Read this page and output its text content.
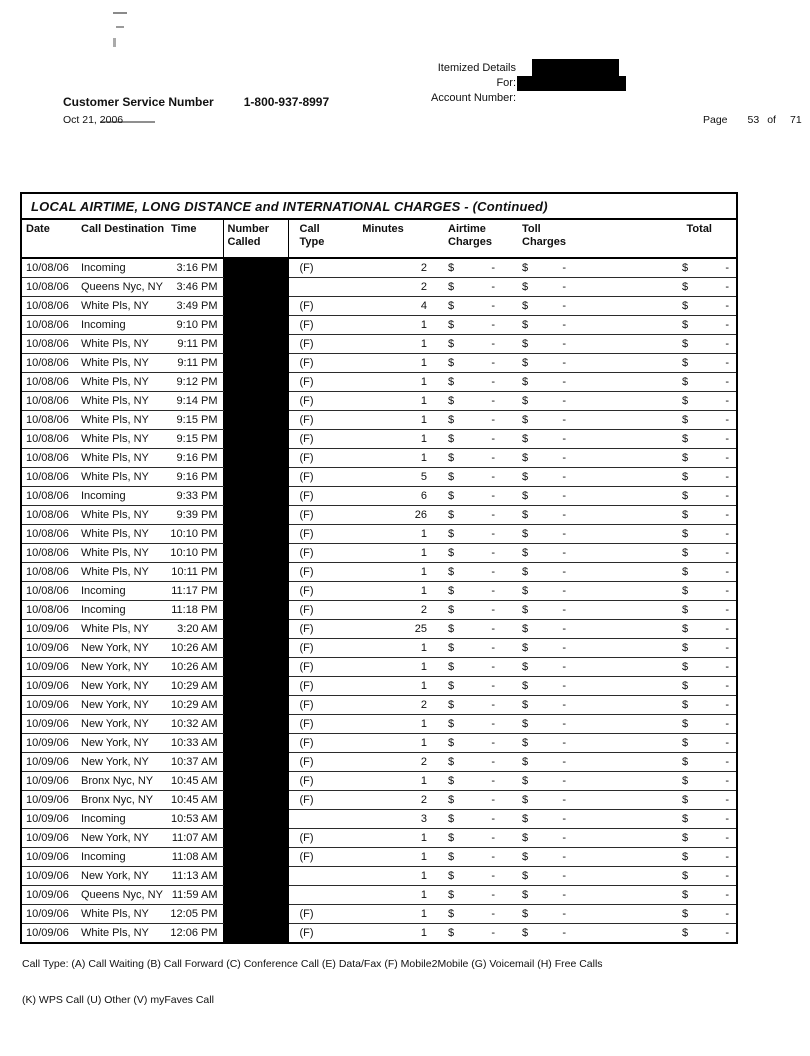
Itemized Details For:
Account Number:
Customer Service Number	1-800-937-8997
Oct 21, 2006	Page 53 of 71
LOCAL AIRTIME, LONG DISTANCE and INTERNATIONAL CHARGES - (Continued)
Date	Call Destination	Time	Number Called	Call Type	Minutes	Airtime Charges	Toll Charges	Total
10/08/06	Incoming	3:16 PM		(F)	2	$ -	$ -	$ -

10/08/06	Queens Nyc, NY	3:46 PM			2	$ -	$ -	$ -

10/08/06	White Pls, NY	3:49 PM		(F)	4	$ -	$ -	$ -

10/08/06	Incoming	9:10 PM		(F)	1	$ -	$ -	$ -

10/08/06	White Pls, NY	9:11 PM		(F)	1	$ -	$ -	$ -

10/08/06	White Pls, NY	9:11 PM		(F)	1	$ -	$ -	$ -

10/08/06	White Pls, NY	9:12 PM		(F)	1	$ -	$ -	$ -

10/08/06	White Pls, NY	9:14 PM		(F)	1	$ -	$ -	$ -

10/08/06	White Pls, NY	9:15 PM		(F)	1	$ -	$ -	$ -

10/08/06	White Pls, NY	9:15 PM		(F)	1	$ -	$ -	$ -

10/08/06	White Pls, NY	9:16 PM		(F)	1	$ -	$ -	$ -

10/08/06	White Pls, NY	9:16 PM		(F)	5	$ -	$ -	$ -

10/08/06	Incoming	9:33 PM		(F)	6	$ -	$ -	$ -

10/08/06	White Pls, NY	9:39 PM		(F)	26	$ -	$ -	$ -

10/08/06	White Pls, NY	10:10 PM		(F)	1	$ -	$ -	$ -

10/08/06	White Pls, NY	10:10 PM		(F)	1	$ -	$ -	$ -

10/08/06	White Pls, NY	10:11 PM		(F)	1	$ -	$ -	$ -

10/08/06	Incoming	11:17 PM		(F)	1	$ -	$ -	$ -

10/08/06	Incoming	11:18 PM		(F)	2	$ -	$ -	$ -

10/09/06	White Pls, NY	3:20 AM		(F)	25	$ -	$ -	$ -

10/09/06	New York, NY	10:26 AM		(F)	1	$ -	$ -	$ -

10/09/06	New York, NY	10:26 AM		(F)	1	$ -	$ -	$ -

10/09/06	New York, NY	10:29 AM		(F)	1	$ -	$ -	$ -

10/09/06	New York, NY	10:29 AM		(F)	2	$ -	$ -	$ -

10/09/06	New York, NY	10:32 AM		(F)	1	$ -	$ -	$ -

10/09/06	New York, NY	10:33 AM		(F)	1	$ -	$ -	$ -

10/09/06	New York, NY	10:37 AM		(F)	2	$ -	$ -	$ -

10/09/06	Bronx Nyc, NY	10:45 AM		(F)	1	$ -	$ -	$ -

10/09/06	Bronx Nyc, NY	10:45 AM		(F)	2	$ -	$ -	$ -

10/09/06	Incoming	10:53 AM			3	$ -	$ -	$ -

10/09/06	New York, NY	11:07 AM		(F)	1	$ -	$ -	$ -

10/09/06	Incoming	11:08 AM		(F)	1	$ -	$ -	$ -

10/09/06	New York, NY	11:13 AM			1	$ -	$ -	$ -

10/09/06	Queens Nyc, NY	11:59 AM			1	$ -	$ -	$ -

10/09/06	White Pls, NY	12:05 PM		(F)	1	$ -	$ -	$ -

10/09/06	White Pls, NY	12:06 PM		(F)	1	$ -	$ -	$ -
Call Type: (A) Call Waiting (B) Call Forward (C) Conference Call (E) Data/Fax (F) Mobile2Mobile (G) Voicemail (H) Free Calls
(K) WPS Call (U) Other (V) myFaves Call
